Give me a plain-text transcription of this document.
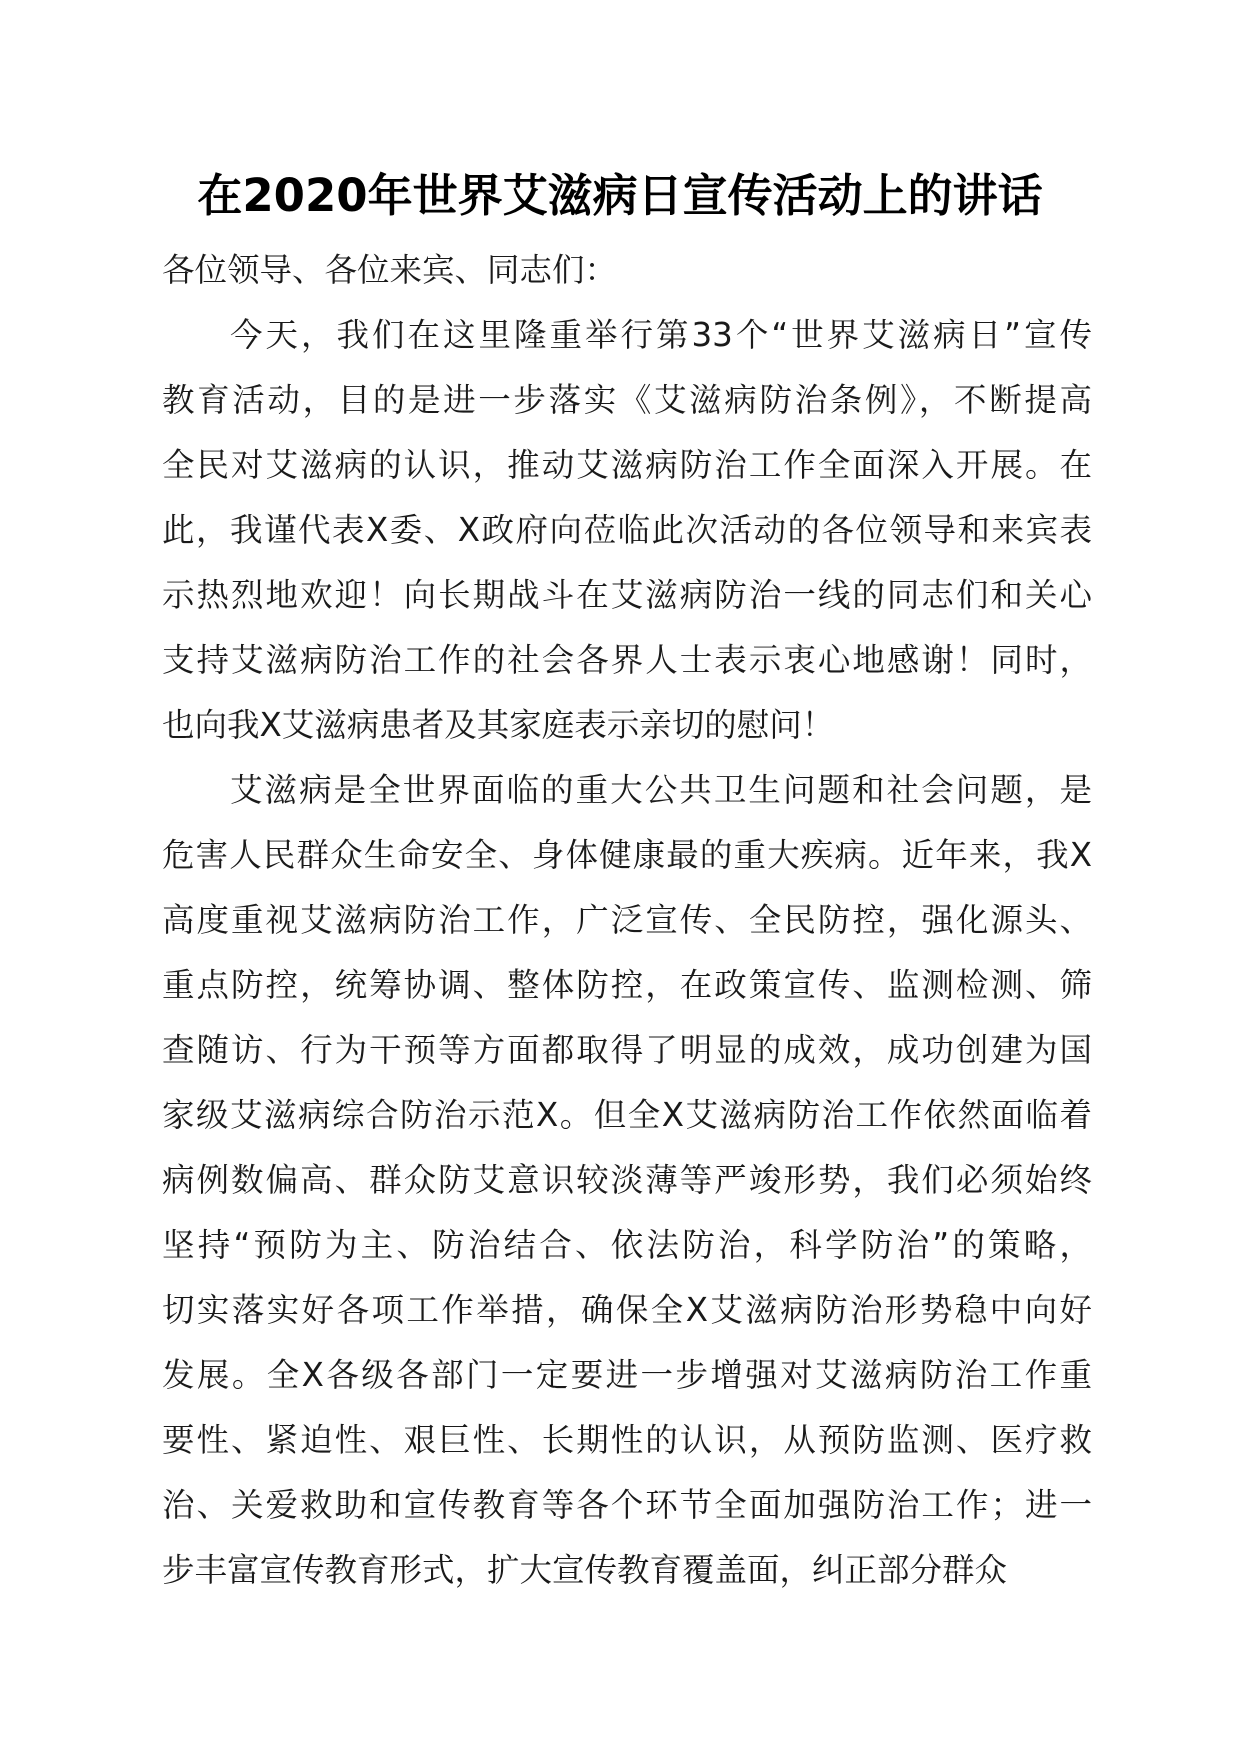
在2020年世界艾滋病日宣传活动上的讲话
各位领导、各位来宾、同志们：
今天，我们在这里隆重举行第33个“世界艾滋病日”宣传
教育活动，目的是进一步落实《艾滋病防治条例》，不断提高
全民对艾滋病的认识，推动艾滋病防治工作全面深入开展。在
此，我谨代表X委、X政府向莅临此次活动的各位领导和来宾表
示热烈地欢迎！向长期战斗在艾滋病防治一线的同志们和关心
支持艾滋病防治工作的社会各界人士表示衷心地感谢！同时，
也向我X艾滋病患者及其家庭表示亲切的慰问！
艾滋病是全世界面临的重大公共卫生问题和社会问题，是
危害人民群众生命安全、身体健康最的重大疾病。近年来，我X
高度重视艾滋病防治工作，广泛宣传、全民防控，强化源头、
重点防控，统筹协调、整体防控，在政策宣传、监测检测、筛
查随访、行为干预等方面都取得了明显的成效，成功创建为国
家级艾滋病综合防治示范X。但全X艾滋病防治工作依然面临着
病例数偏高、群众防艾意识较淡薄等严竣形势，我们必须始终
坚持“预防为主、防治结合、依法防治，科学防治”的策略，
切实落实好各项工作举措，确保全X艾滋病防治形势稳中向好
发展。全X各级各部门一定要进一步增强对艾滋病防治工作重
要性、紧迫性、艰巨性、长期性的认识，从预防监测、医疗救
治、关爱救助和宣传教育等各个环节全面加强防治工作；进一
步丰富宣传教育形式，扩大宣传教育覆盖面，纠正部分群众
